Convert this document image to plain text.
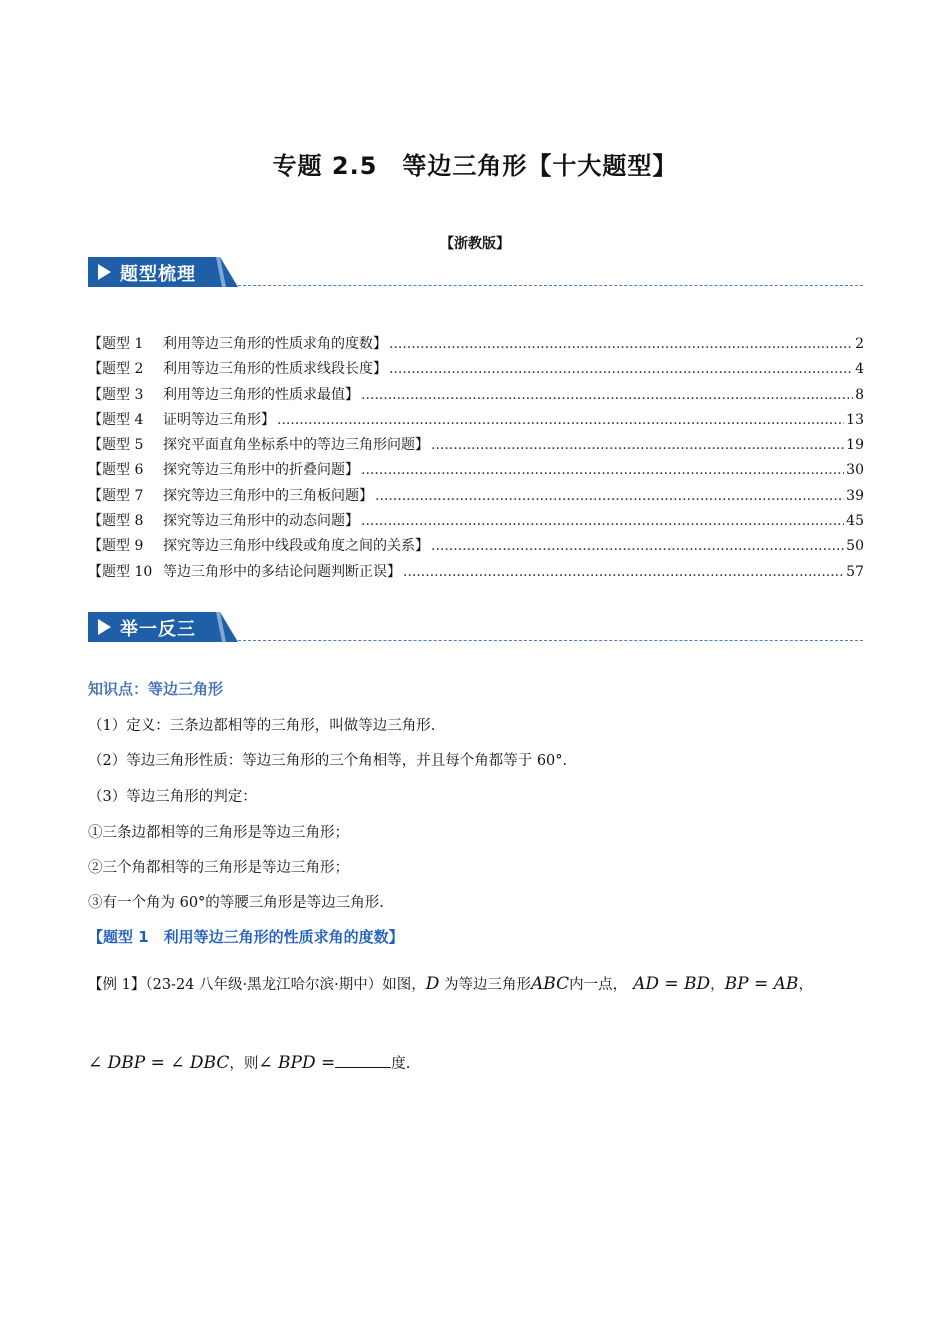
专题 2.5　等边三角形【十大题型】
【浙教版】
题型梳理
【题型 1	利用等边三角形的性质求角的度数】 .....	2
【题型 2	利用等边三角形的性质求线段长度】 .....	4
【题型 3	利用等边三角形的性质求最值】 .....	8
【题型 4	证明等边三角形】 .....	13
【题型 5	探究平面直角坐标系中的等边三角形问题】 .....	19
【题型 6	探究等边三角形中的折叠问题】 .....	30
【题型 7	探究等边三角形中的三角板问题】 .....	39
【题型 8	探究等边三角形中的动态问题】 .....	45
【题型 9	探究等边三角形中线段或角度之间的关系】 .....	50
【题型 10 等边三角形中的多结论问题判断正误】 .....	57
举一反三
知识点：等边三角形
（1）定义：三条边都相等的三角形，叫做等边三角形.
（2）等边三角形性质：等边三角形的三个角相等，并且每个角都等于 60°.
（3）等边三角形的判定：
①三条边都相等的三角形是等边三角形；
②三个角都相等的三角形是等边三角形；
③有一个角为 60°的等腰三角形是等边三角形.
【题型 1　利用等边三角形的性质求角的度数】
【例 1】（23-24 八年级·黑龙江哈尔滨·期中）如图，D 为等边三角形ABC内一点， AD = BD，BP = AB，
∠ DBP = ∠ DBC，则∠ BPD =	度.
